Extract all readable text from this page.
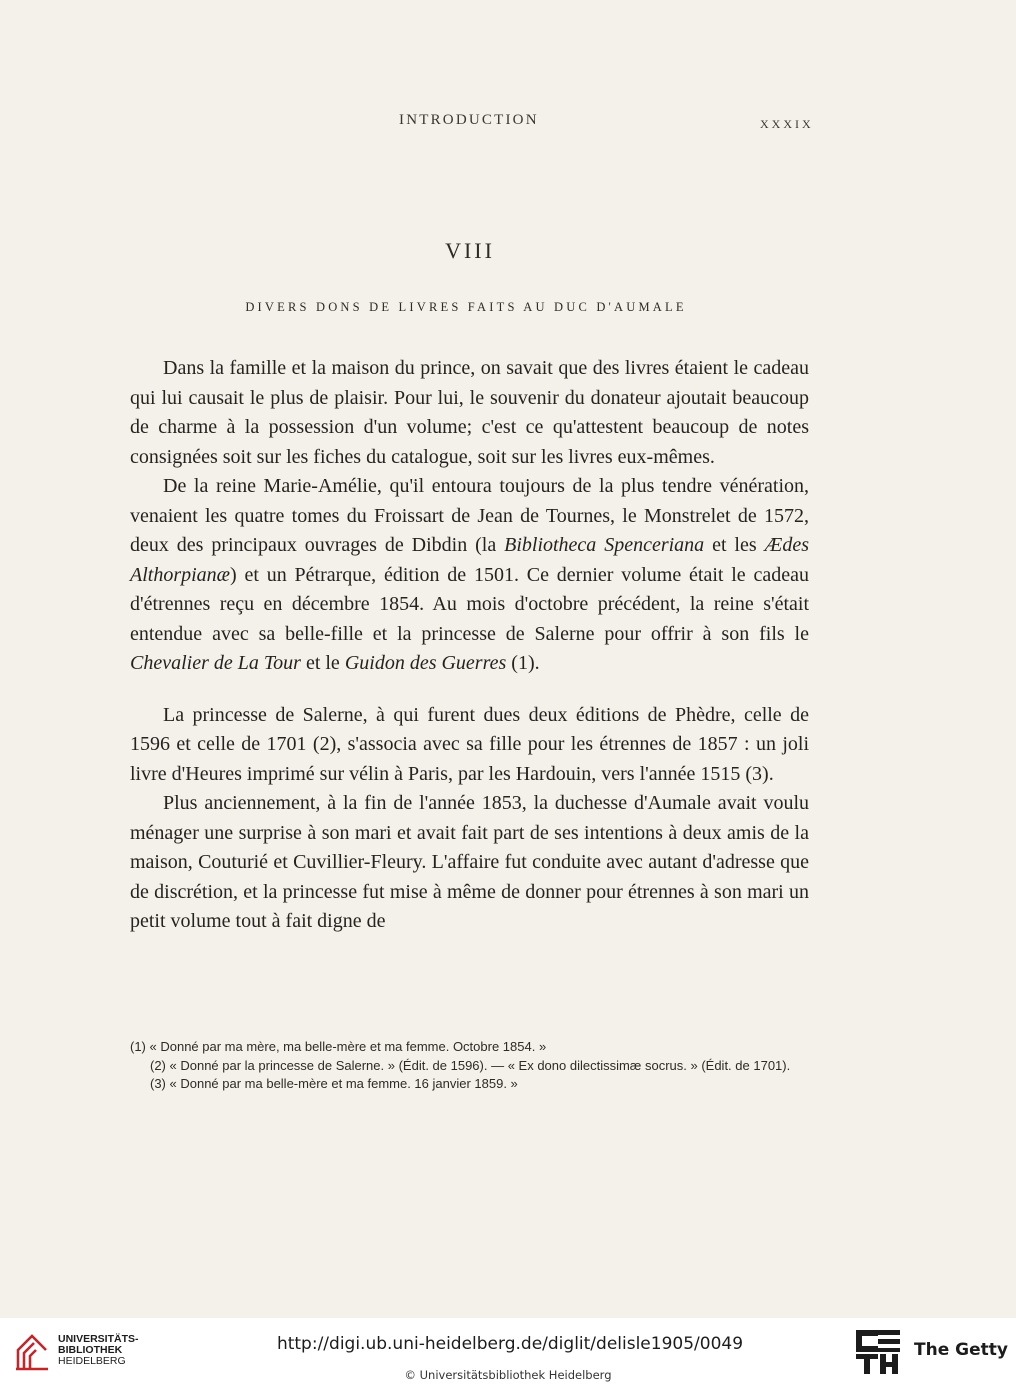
INTRODUCTION	XXXIX
VIII
DIVERS DONS DE LIVRES FAITS AU DUC D'AUMALE

Dans la famille et la maison du prince, on savait que des livres étaient le cadeau qui lui causait le plus de plaisir. Pour lui, le souvenir du donateur ajoutait beaucoup de charme à la possession d'un volume; c'est ce qu'attestent beaucoup de notes consignées soit sur les fiches du catalogue, soit sur les livres eux-mêmes.

De la reine Marie-Amélie, qu'il entoura toujours de la plus tendre vénération, venaient les quatre tomes du Froissart de Jean de Tournes, le Monstrelet de 1572, deux des principaux ouvrages de Dibdin (la Bibliotheca Spenceriana et les Ædes Althorpianæ) et un Pétrarque, édition de 1501. Ce dernier volume était le cadeau d'étrennes reçu en décembre 1854. Au mois d'octobre précédent, la reine s'était entendue avec sa belle-fille et la princesse de Salerne pour offrir à son fils le Chevalier de La Tour et le Guidon des Guerres (1).

La princesse de Salerne, à qui furent dues deux éditions de Phèdre, celle de 1596 et celle de 1701 (2), s'associa avec sa fille pour les étrennes de 1857 : un joli livre d'Heures imprimé sur vélin à Paris, par les Hardouin, vers l'année 1515 (3).

Plus anciennement, à la fin de l'année 1853, la duchesse d'Aumale avait voulu ménager une surprise à son mari et avait fait part de ses intentions à deux amis de la maison, Couturié et Cuvillier-Fleury. L'affaire fut conduite avec autant d'adresse que de discrétion, et la princesse fut mise à même de donner pour étrennes à son mari un petit volume tout à fait digne de

(1) « Donné par ma mère, ma belle-mère et ma femme. Octobre 1854. »

(2) « Donné par la princesse de Salerne. » (Édit. de 1596). — « Ex dono dilectissimæ socrus. » (Édit. de 1701).

(3) « Donné par ma belle-mère et ma femme. 16 janvier 1859. »

UNIVERSITÄTS-
BIBLIOTHEK
HEIDELBERG
http://digi.ub.uni-heidelberg.de/diglit/delisle1905/0049
© Universitätsbibliothek Heidelberg
The Getty
